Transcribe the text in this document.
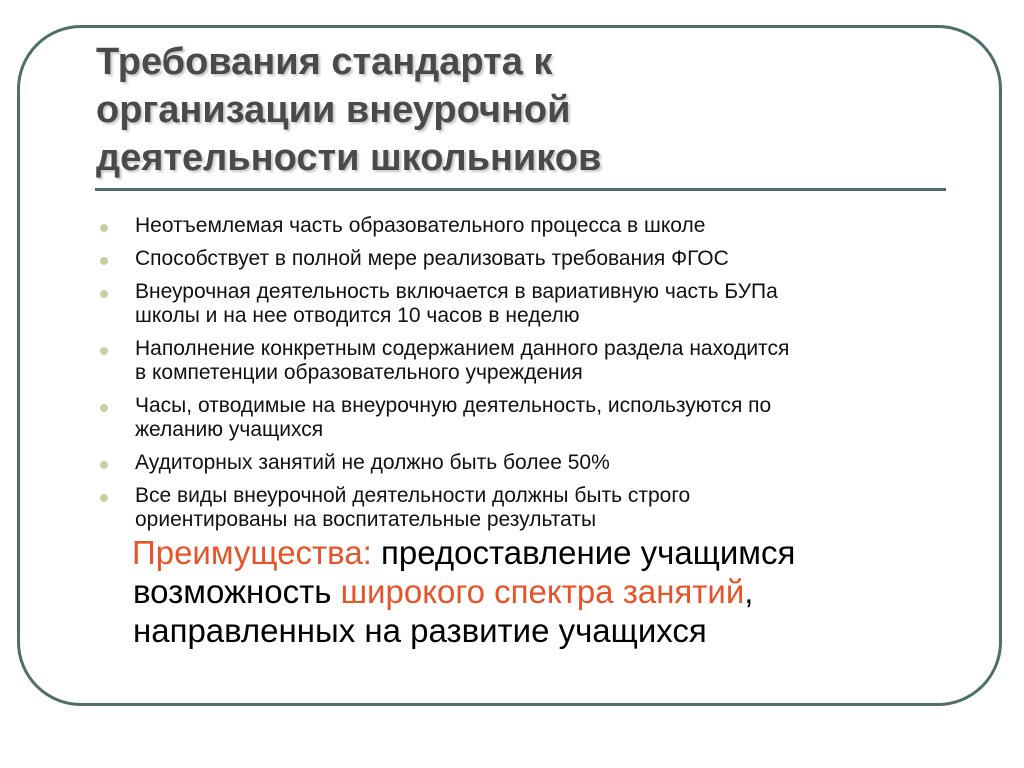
Требования стандарта к
организации внеурочной
деятельности школьников
Неотъемлемая часть образовательного процесса в школе
Способствует в полной мере реализовать требования ФГОС
Внеурочная деятельность включается в вариативную часть БУПа
школы и на нее отводится 10 часов в неделю
Наполнение конкретным содержанием данного раздела находится
в компетенции образовательного учреждения
Часы, отводимые на внеурочную деятельность, используются по
желанию учащихся
Аудиторных занятий не должно быть более 50%
Все виды внеурочной деятельности должны быть строго
ориентированы на воспитательные результаты

Преимущества: предоставление учащимся
возможность широкого спектра занятий,
направленных на развитие учащихся
